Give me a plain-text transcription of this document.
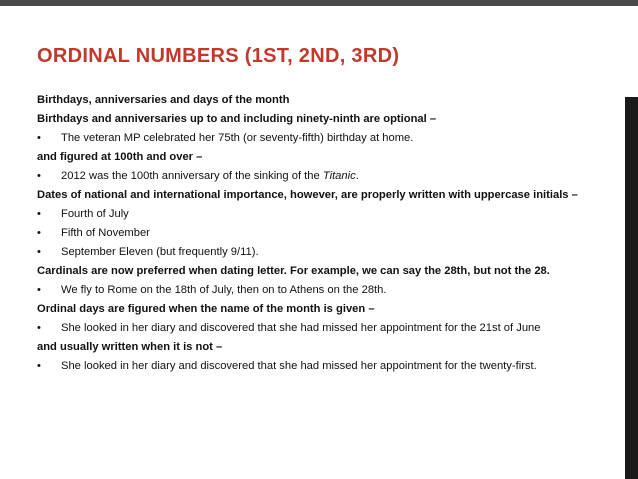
ORDINAL NUMBERS (1ST, 2ND, 3RD)
Birthdays, anniversaries and days of the month
Birthdays and anniversaries up to and including ninety-ninth are optional –
•	The veteran MP celebrated her 75th (or seventy-fifth) birthday at home.
and figured at 100th and over –
•	2012 was the 100th anniversary of the sinking of the Titanic.
Dates of national and international importance, however, are properly written with uppercase initials –
•	Fourth of July
•	Fifth of November
•	September Eleven (but frequently 9/11).
Cardinals are now preferred when dating letter. For example, we can say the 28th, but not the 28.
•	We fly to Rome on the 18th of July, then on to Athens on the 28th.
Ordinal days are figured when the name of the month is given –
•	She looked in her diary and discovered that she had missed her appointment for the 21st of June
and usually written when it is not –
•	She looked in her diary and discovered that she had missed her appointment for the twenty-first.
